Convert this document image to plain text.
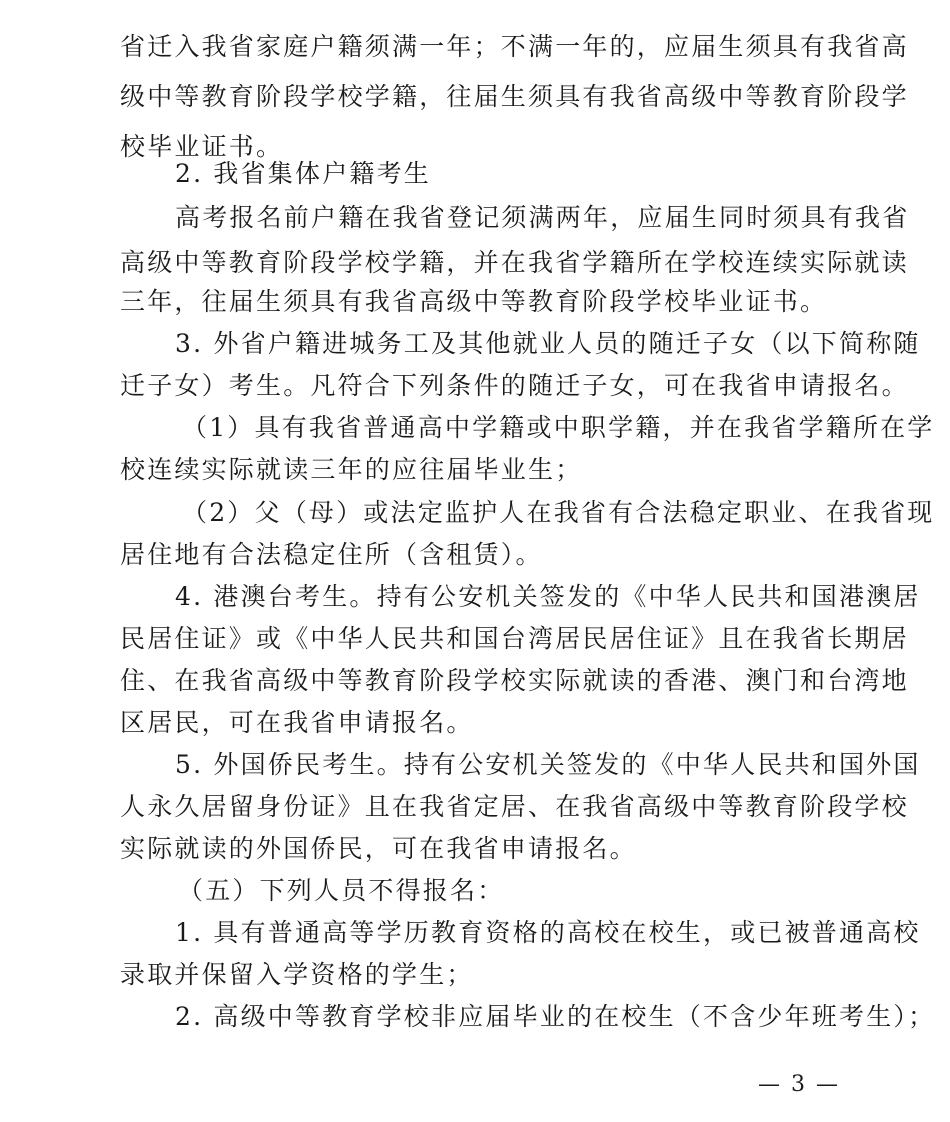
省迁入我省家庭户籍须满一年；不满一年的，应届生须具有我省高
级中等教育阶段学校学籍，往届生须具有我省高级中等教育阶段学
校毕业证书。
2. 我省集体户籍考生
高考报名前户籍在我省登记须满两年，应届生同时须具有我省
高级中等教育阶段学校学籍，并在我省学籍所在学校连续实际就读
三年，往届生须具有我省高级中等教育阶段学校毕业证书。
3. 外省户籍进城务工及其他就业人员的随迁子女（以下简称随
迁子女）考生。凡符合下列条件的随迁子女，可在我省申请报名。
（1）具有我省普通高中学籍或中职学籍，并在我省学籍所在学
校连续实际就读三年的应往届毕业生；
（2）父（母）或法定监护人在我省有合法稳定职业、在我省现
居住地有合法稳定住所（含租赁）。
4. 港澳台考生。持有公安机关签发的《中华人民共和国港澳居
民居住证》或《中华人民共和国台湾居民居住证》且在我省长期居
住、在我省高级中等教育阶段学校实际就读的香港、澳门和台湾地
区居民，可在我省申请报名。
5. 外国侨民考生。持有公安机关签发的《中华人民共和国外国
人永久居留身份证》且在我省定居、在我省高级中等教育阶段学校
实际就读的外国侨民，可在我省申请报名。
（五）下列人员不得报名：
1. 具有普通高等学历教育资格的高校在校生，或已被普通高校
录取并保留入学资格的学生；
2. 高级中等教育学校非应届毕业的在校生（不含少年班考生）；
— 3 —
